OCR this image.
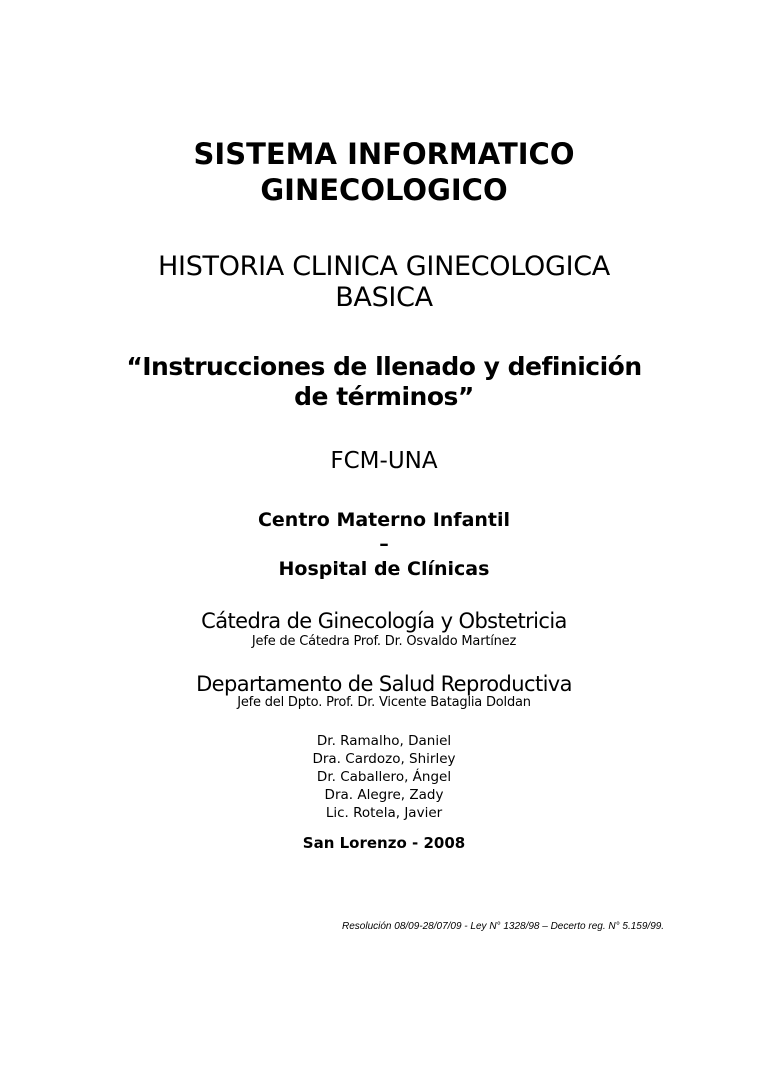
SISTEMA INFORMATICO
GINECOLOGICO
HISTORIA CLINICA GINECOLOGICA
BASICA
“Instrucciones de llenado y definición
de términos”
FCM-UNA
Centro Materno Infantil
–
Hospital de Clínicas
Cátedra de Ginecología y Obstetricia
Jefe de Cátedra Prof. Dr. Osvaldo Martínez
Departamento de Salud Reproductiva
Jefe del Dpto. Prof. Dr. Vicente Bataglia Doldan
Dr. Ramalho, Daniel
Dra. Cardozo, Shirley
Dr. Caballero, Ángel
Dra. Alegre, Zady
Lic. Rotela, Javier
San Lorenzo - 2008
Resolución 08/09-28/07/09 - Ley N° 1328/98 – Decerto reg. N° 5.159/99.
